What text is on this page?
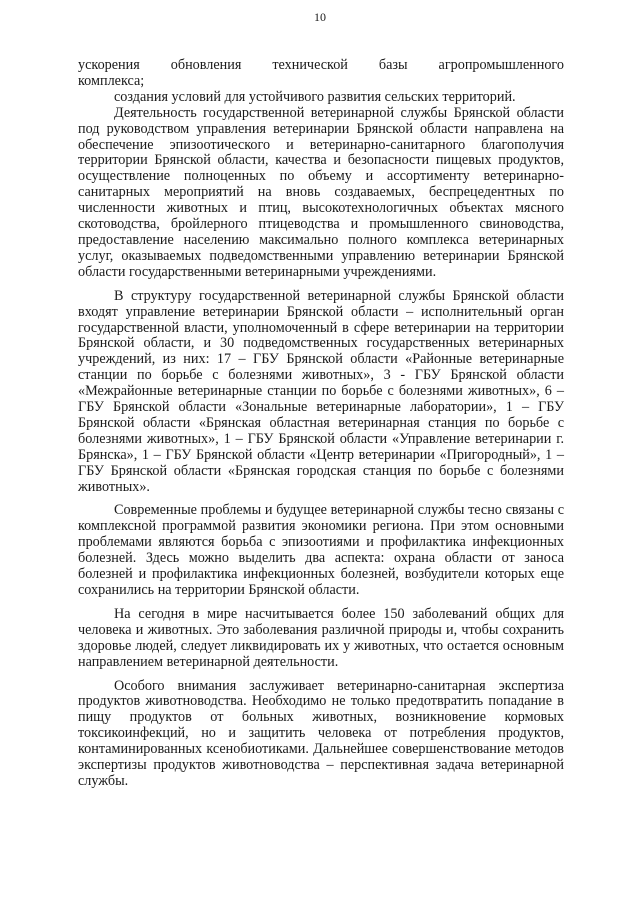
10

ускорения обновления технической базы агропромышленного

комплекса;

создания условий для устойчивого развития сельских территорий.

Деятельность государственной ветеринарной службы Брянской области под руководством управления ветеринарии Брянской области направлена на обеспечение эпизоотического и ветеринарно-санитарного благополучия территории Брянской области, качества и безопасности пищевых продуктов, осуществление полноценных по объему и ассортименту ветеринарно-санитарных мероприятий на вновь создаваемых, беспрецедентных по численности животных и птиц, высокотехнологичных объектах мясного скотоводства, бройлерного птицеводства и промышленного свиноводства, предоставление населению максимально полного комплекса ветеринарных услуг, оказываемых подведомственными управлению ветеринарии Брянской области государственными ветеринарными учреждениями.

В структуру государственной ветеринарной службы Брянской области входят управление ветеринарии Брянской области – исполнительный орган государственной власти, уполномоченный в сфере ветеринарии на территории Брянской области, и 30 подведомственных государственных ветеринарных учреждений, из них: 17 – ГБУ Брянской области «Районные ветеринарные станции по борьбе с болезнями животных», 3 - ГБУ Брянской области «Межрайонные ветеринарные станции по борьбе с болезнями животных», 6 – ГБУ Брянской области «Зональные ветеринарные лаборатории», 1 – ГБУ Брянской области «Брянская областная ветеринарная станция по борьбе с болезнями животных», 1 – ГБУ Брянской области «Управление ветеринарии г. Брянска», 1 – ГБУ Брянской области «Центр ветеринарии «Пригородный», 1 – ГБУ Брянской области «Брянская городская станция по борьбе с болезнями животных».

Современные проблемы и будущее ветеринарной службы тесно связаны с комплексной программой развития экономики региона. При этом основными проблемами являются борьба с эпизоотиями и профилактика инфекционных болезней. Здесь можно выделить два аспекта: охрана области от заноса болезней и профилактика инфекционных болезней, возбудители которых еще сохранились на территории Брянской области.

На сегодня в мире насчитывается более 150 заболеваний общих для человека и животных. Это заболевания различной природы и, чтобы сохранить здоровье людей, следует ликвидировать их у животных, что остается основным направлением ветеринарной деятельности.

Особого внимания заслуживает ветеринарно-санитарная экспертиза продуктов животноводства. Необходимо не только предотвратить попадание в пищу продуктов от больных животных, возникновение кормовых токсикоинфекций, но и защитить человека от потребления продуктов, контаминированных ксенобиотиками. Дальнейшее совершенствование методов экспертизы продуктов животноводства – перспективная задача ветеринарной службы.
